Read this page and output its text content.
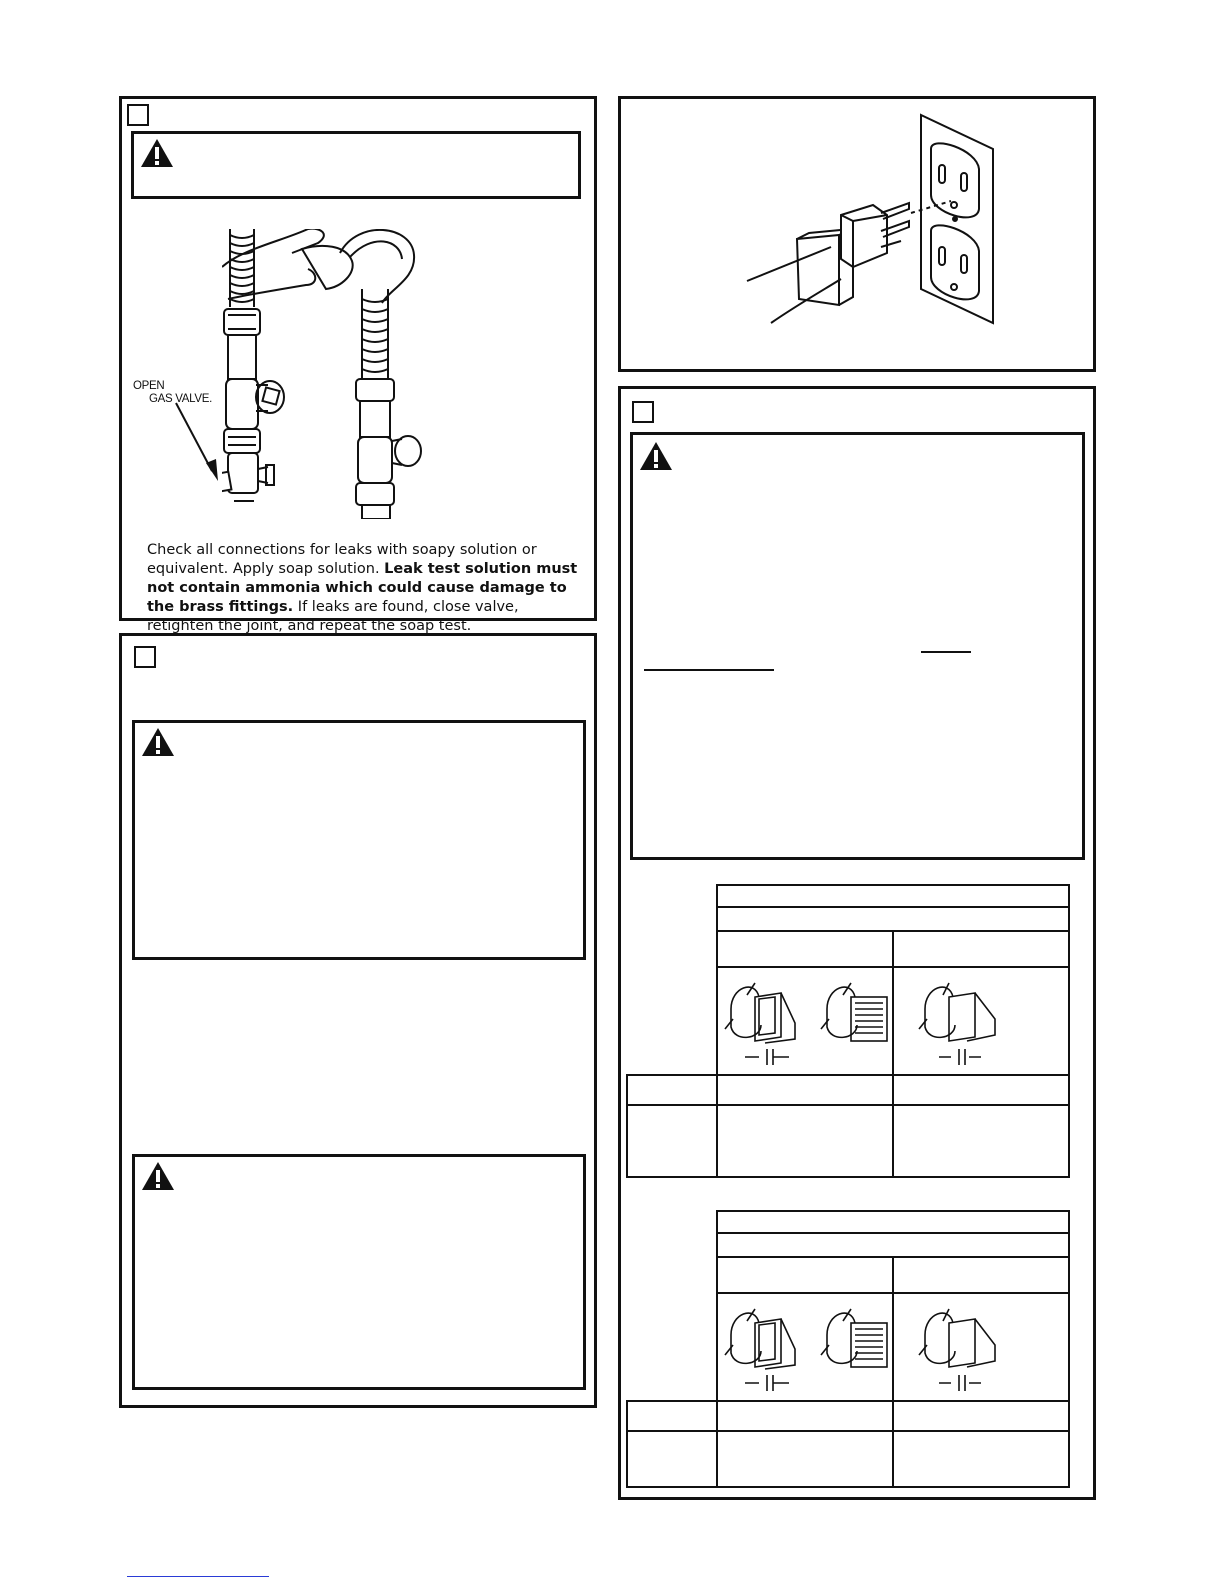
OPEN
GAS VALVE.
Check all connections for leaks with soapy solution or equivalent. Apply soap solution. Leak test solution must not contain ammonia which could cause damage to the brass fittings. If leaks are found, close valve, retighten the joint, and repeat the soap test.
